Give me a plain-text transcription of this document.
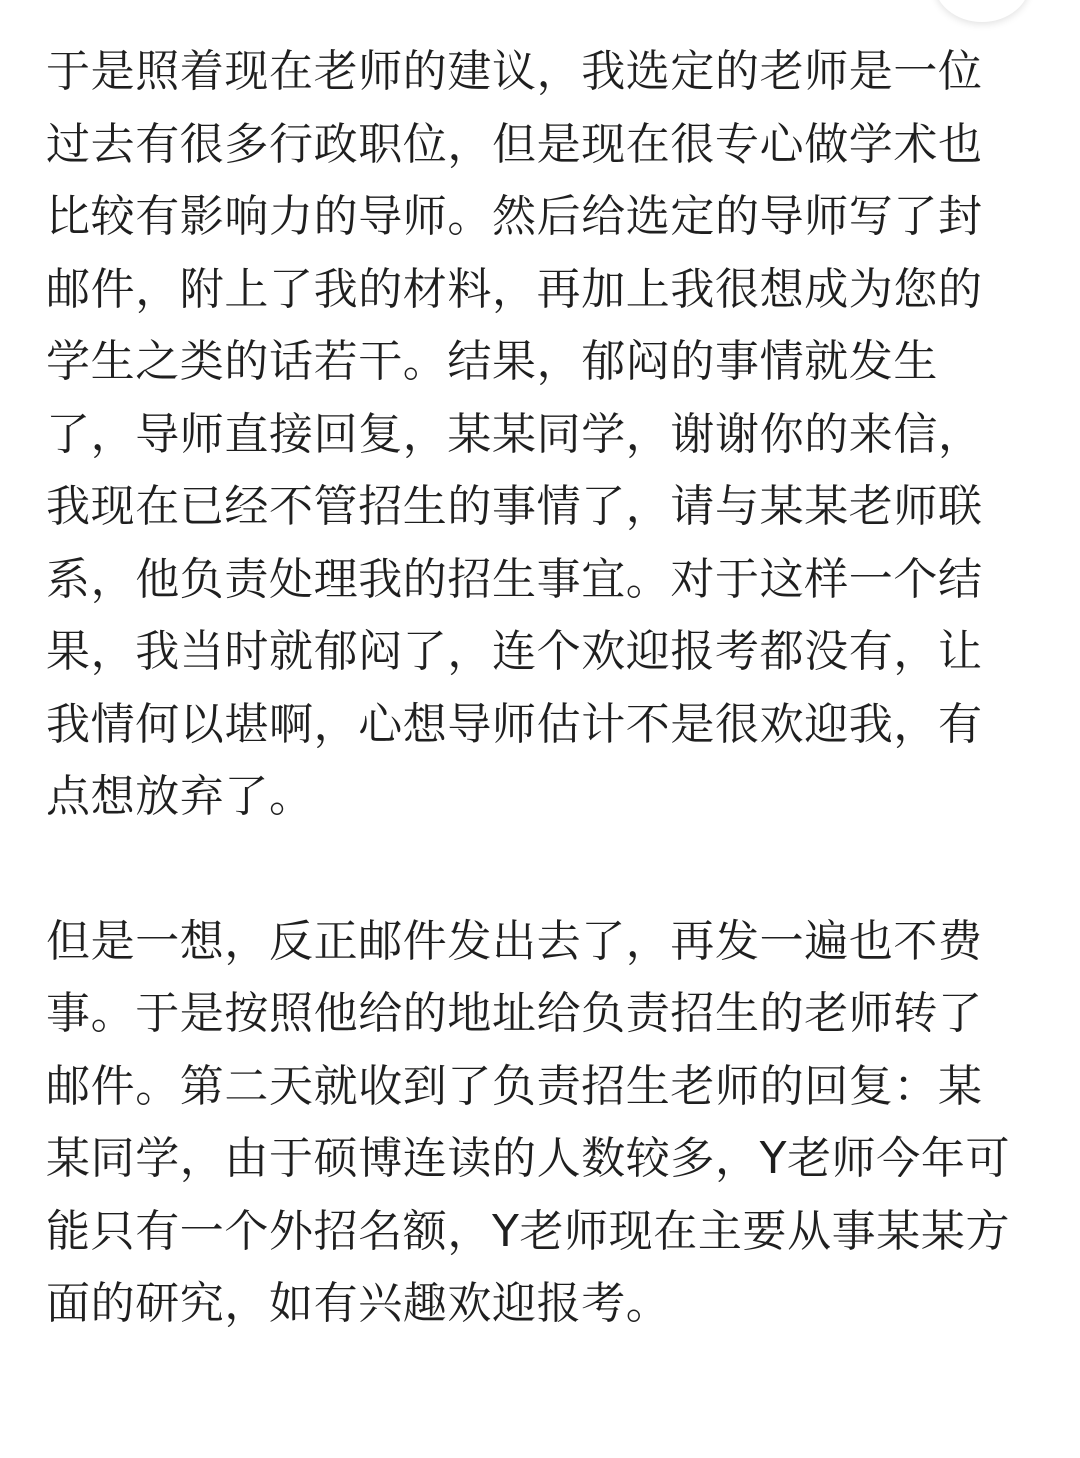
于是照着现在老师的建议，我选定的老师是一位过去有很多行政职位，但是现在很专心做学术也比较有影响力的导师。然后给选定的导师写了封邮件，附上了我的材料，再加上我很想成为您的学生之类的话若干。结果，郁闷的事情就发生了，导师直接回复，某某同学，谢谢你的来信，我现在已经不管招生的事情了，请与某某老师联系，他负责处理我的招生事宜。对于这样一个结果，我当时就郁闷了，连个欢迎报考都没有，让我情何以堪啊，心想导师估计不是很欢迎我，有点想放弃了。

但是一想，反正邮件发出去了，再发一遍也不费事。于是按照他给的地址给负责招生的老师转了邮件。第二天就收到了负责招生老师的回复：某某同学，由于硕博连读的人数较多，Y老师今年可能只有一个外招名额，Y老师现在主要从事某某方面的研究，如有兴趣欢迎报考。
